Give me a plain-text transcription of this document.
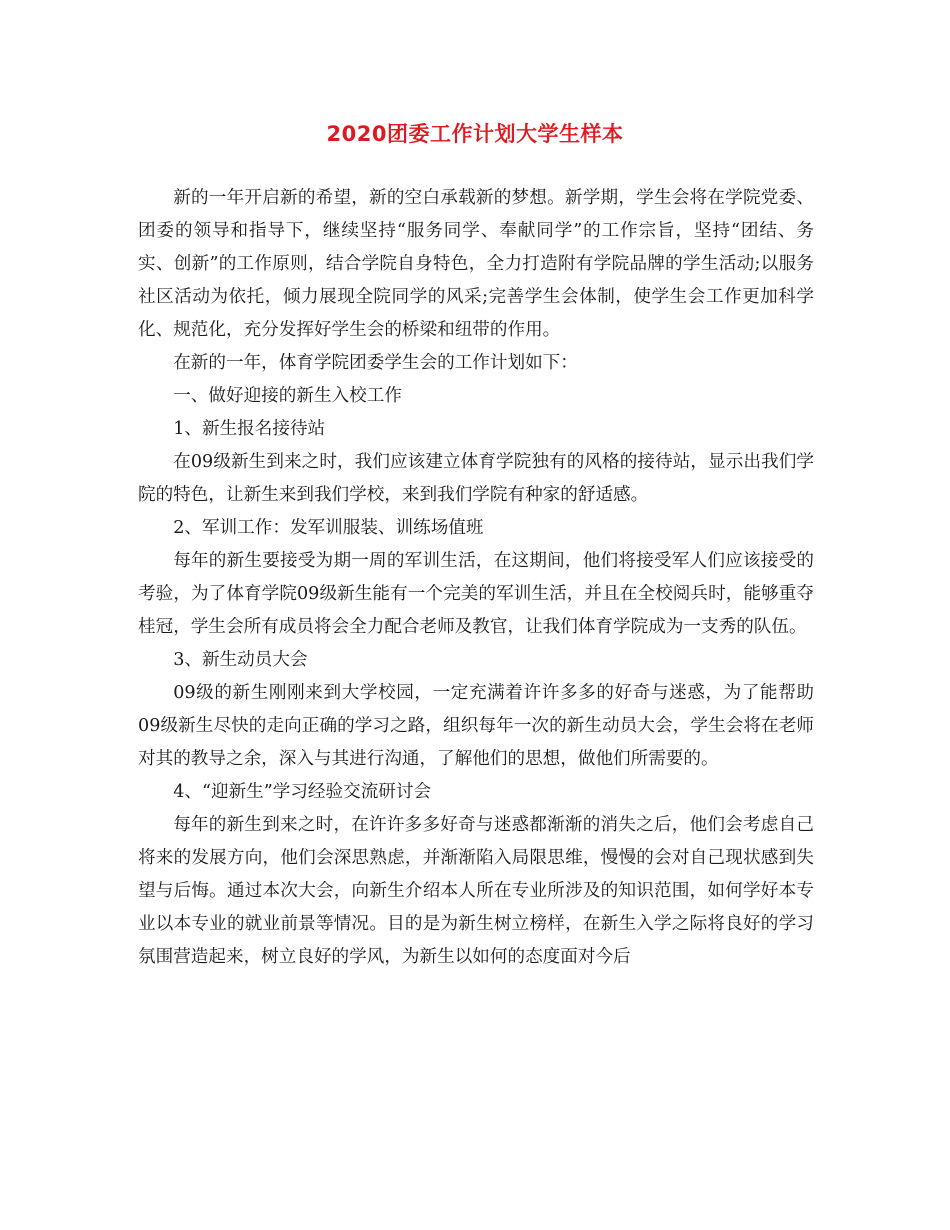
2020团委工作计划大学生样本

新的一年开启新的希望，新的空白承载新的梦想。新学期，学生会将在学院党委、团委的领导和指导下，继续坚持“服务同学、奉献同学”的工作宗旨，坚持“团结、务实、创新”的工作原则，结合学院自身特色，全力打造附有学院品牌的学生活动;以服务社区活动为依托，倾力展现全院同学的风采;完善学生会体制，使学生会工作更加科学化、规范化，充分发挥好学生会的桥梁和纽带的作用。

在新的一年，体育学院团委学生会的工作计划如下：

一、做好迎接的新生入校工作

1、新生报名接待站

在09级新生到来之时，我们应该建立体育学院独有的风格的接待站，显示出我们学院的特色，让新生来到我们学校，来到我们学院有种家的舒适感。

2、军训工作：发军训服装、训练场值班

每年的新生要接受为期一周的军训生活，在这期间，他们将接受军人们应该接受的考验，为了体育学院09级新生能有一个完美的军训生活，并且在全校阅兵时，能够重夺桂冠，学生会所有成员将会全力配合老师及教官，让我们体育学院成为一支秀的队伍。

3、新生动员大会

09级的新生刚刚来到大学校园，一定充满着许许多多的好奇与迷惑，为了能帮助09级新生尽快的走向正确的学习之路，组织每年一次的新生动员大会，学生会将在老师对其的教导之余，深入与其进行沟通，了解他们的思想，做他们所需要的。

4、“迎新生”学习经验交流研讨会

每年的新生到来之时，在许许多多好奇与迷惑都渐渐的消失之后，他们会考虑自己将来的发展方向，他们会深思熟虑，并渐渐陷入局限思维，慢慢的会对自己现状感到失望与后悔。通过本次大会，向新生介绍本人所在专业所涉及的知识范围，如何学好本专业以本专业的就业前景等情况。目的是为新生树立榜样，在新生入学之际将良好的学习氛围营造起来，树立良好的学风，为新生以如何的态度面对今后
